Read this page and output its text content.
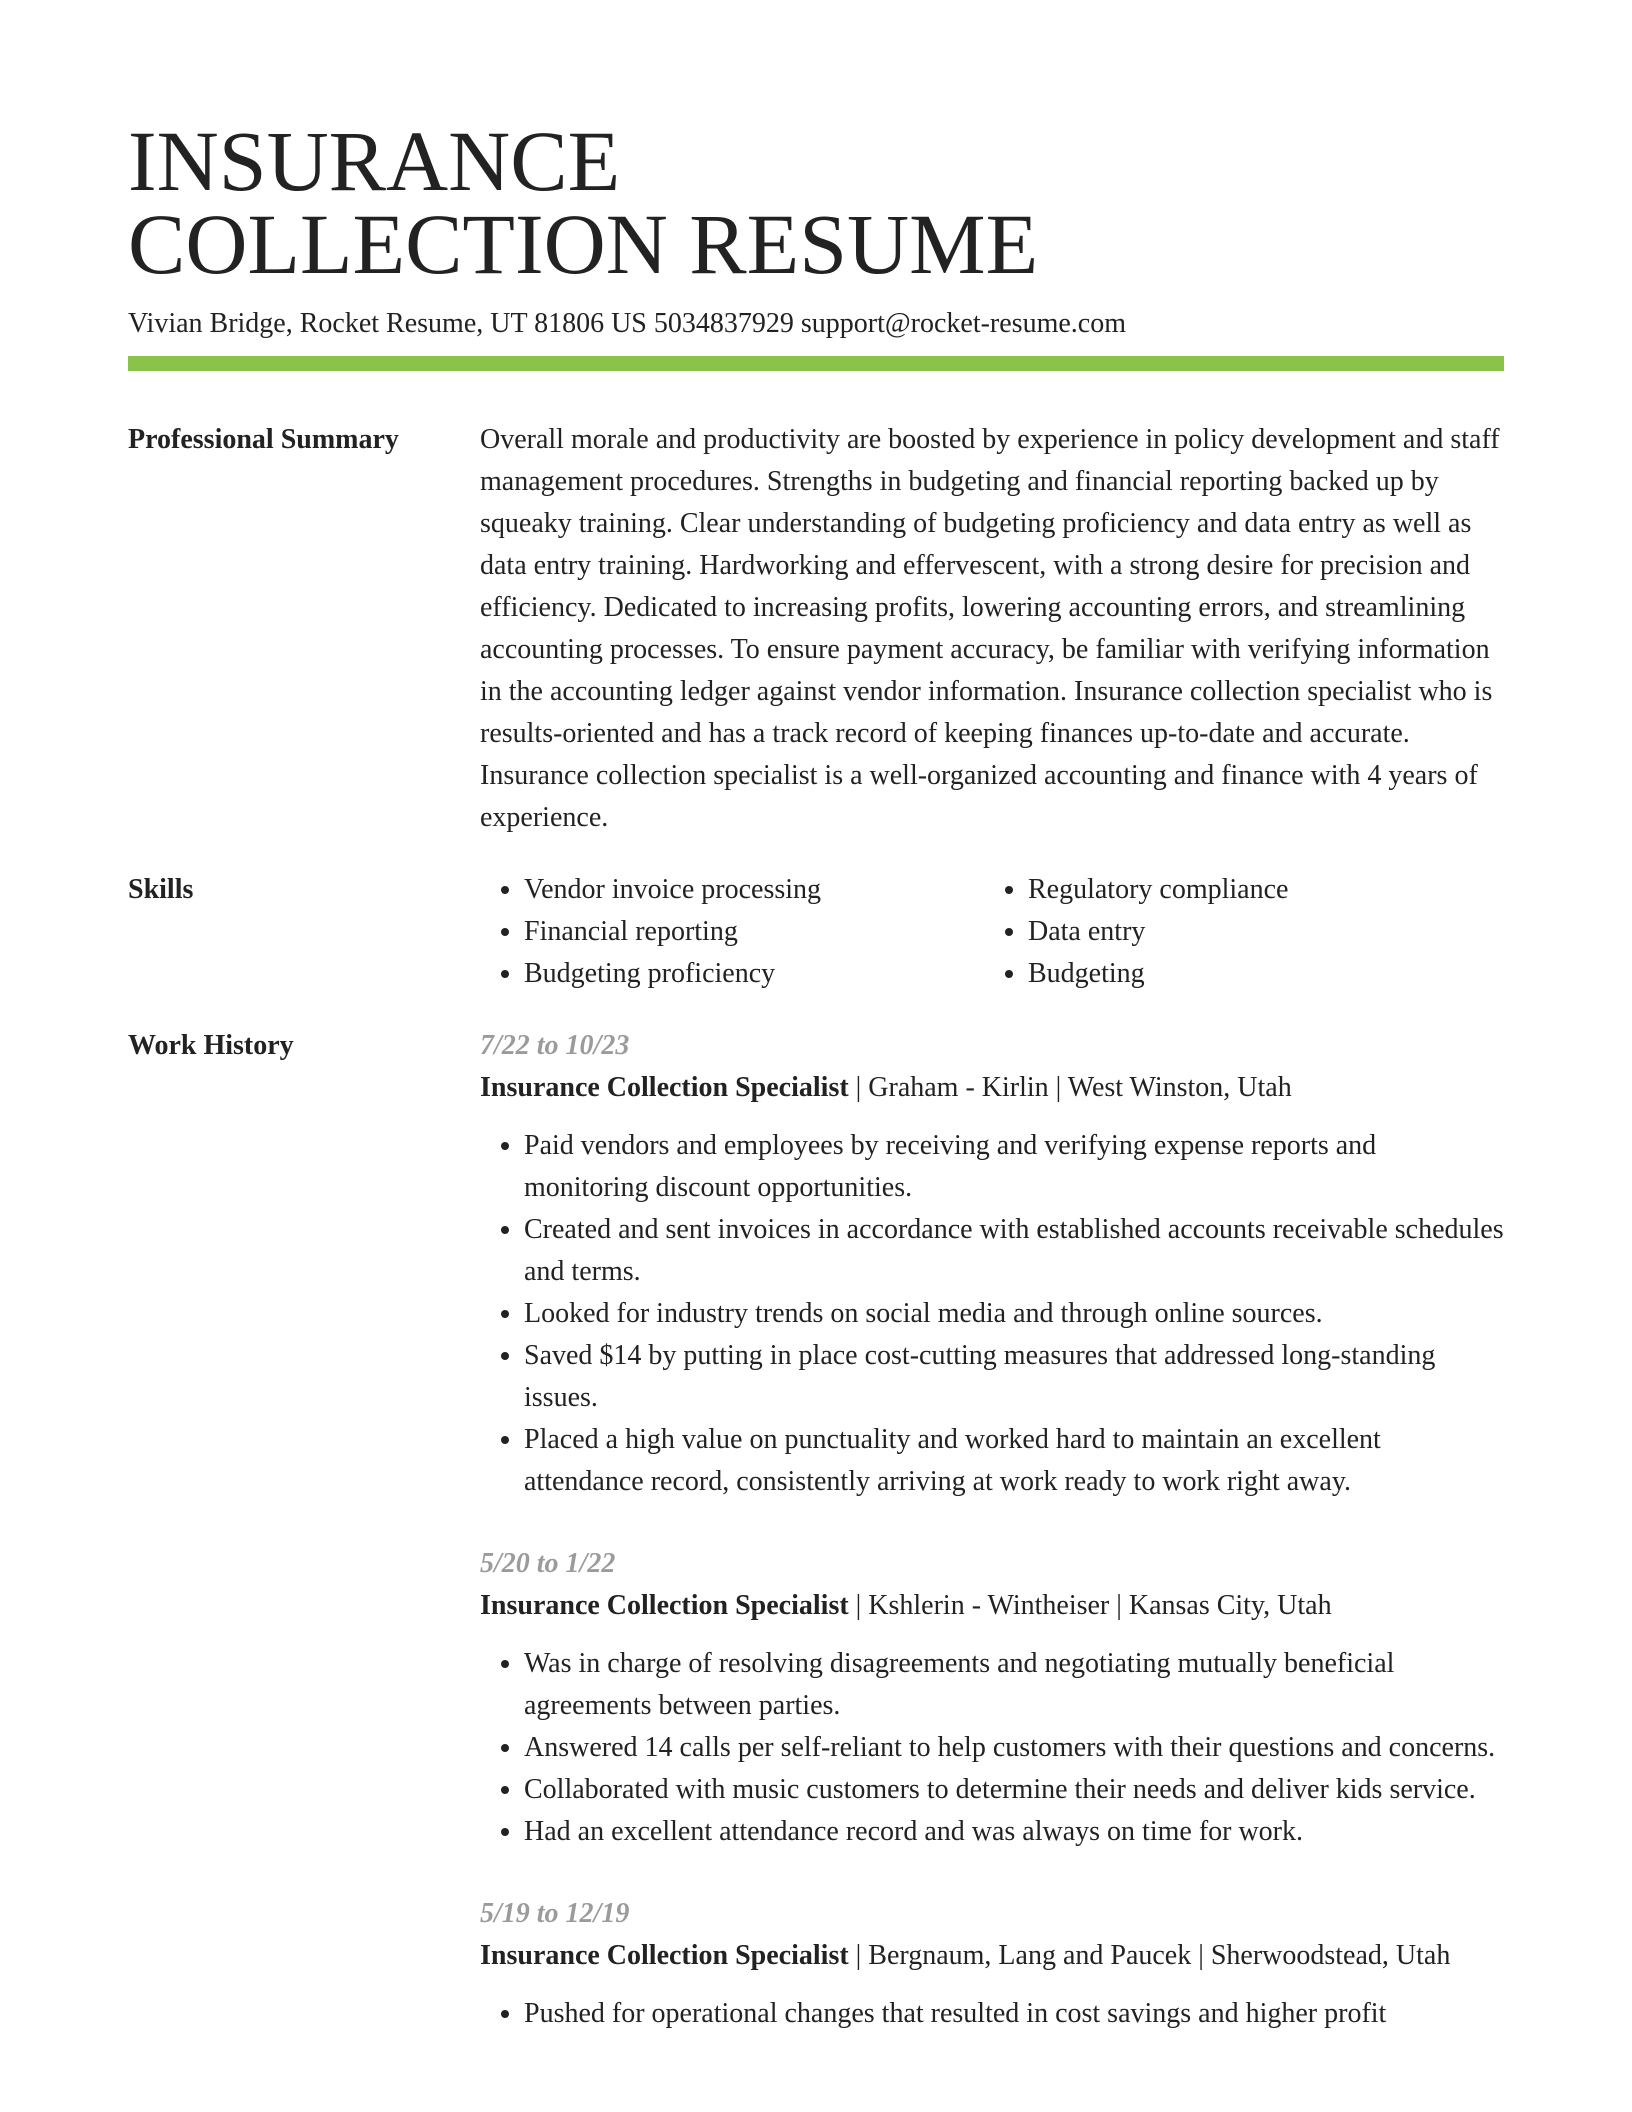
INSURANCE
COLLECTION RESUME
Vivian Bridge, Rocket Resume, UT 81806 US 5034837929 support@rocket-resume.com
Professional Summary	Overall morale and productivity are boosted by experience in policy development and staff management procedures. Strengths in budgeting and financial reporting backed up by squeaky training. Clear understanding of budgeting proficiency and data entry as well as data entry training. Hardworking and effervescent, with a strong desire for precision and efficiency. Dedicated to increasing profits, lowering accounting errors, and streamlining accounting processes. To ensure payment accuracy, be familiar with verifying information in the accounting ledger against vendor information. Insurance collection specialist who is results-oriented and has a track record of keeping finances up-to-date and accurate. Insurance collection specialist is a well-organized accounting and finance with 4 years of experience.

Skills
•	Vendor invoice processing
• Financial reporting
• Budgeting proficiency
• Regulatory compliance
• Data entry
• Budgeting
Work History	7/22 to 10/23
Insurance Collection Specialist | Graham - Kirlin | West Winston, Utah
• Paid vendors and employees by receiving and verifying expense reports and monitoring discount opportunities.
• Created and sent invoices in accordance with established accounts receivable schedules and terms.
• Looked for industry trends on social media and through online sources.
• Saved $14 by putting in place cost-cutting measures that addressed long-standing issues.
• Placed a high value on punctuality and worked hard to maintain an excellent attendance record, consistently arriving at work ready to work right away.
5/20 to 1/22
Insurance Collection Specialist | Kshlerin - Wintheiser | Kansas City, Utah
• Was in charge of resolving disagreements and negotiating mutually beneficial agreements between parties.
• Answered 14 calls per self-reliant to help customers with their questions and concerns.
• Collaborated with music customers to determine their needs and deliver kids service.
• Had an excellent attendance record and was always on time for work.
5/19 to 12/19
Insurance Collection Specialist | Bergnaum, Lang and Paucek | Sherwoodstead, Utah
• Pushed for operational changes that resulted in cost savings and higher profit
